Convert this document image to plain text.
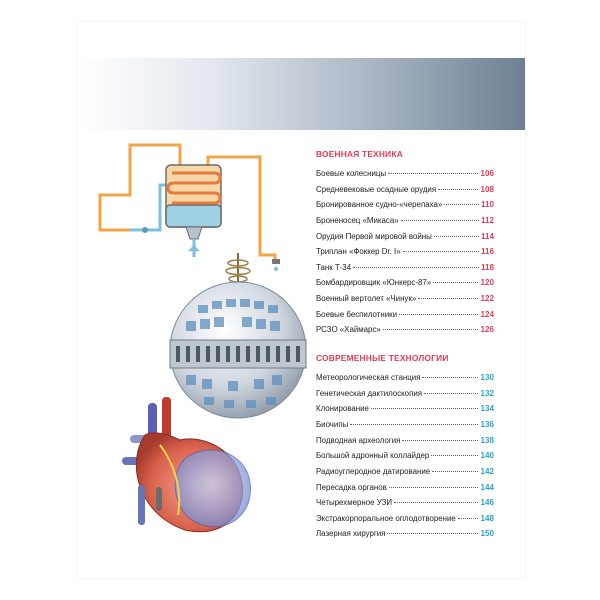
ВОЕННАЯ ТЕХНИКА
Боевые колесницы	106
Средневековые осадные орудия	108
Бронированное судно-«черепаха»	110
Броненосец «Микаса»	112
Орудия Первой мировой войны	114
Триплан «Фоккер Dr. I»	116
Танк Т-34	118
Бомбардировщик «Юнкерс-87»	120
Военный вертолет «Чинук»	122
Боевые беспилотники	124
РСЗО «Хаймарс»	126
СОВРЕМЕННЫЕ ТЕХНОЛОГИИ
Метеорологическая станция	130
Генетическая дактилоскопия	132
Клонирование	134
Биочипы	136
Подводная археология	138
Большой адронный коллайдер	140
Радиоуглеродное датирование	142
Пересадка органов	144
Четырехмерное УЗИ	146
Экстракорпоральное оплодотворение	148
Лазерная хирургия	150
